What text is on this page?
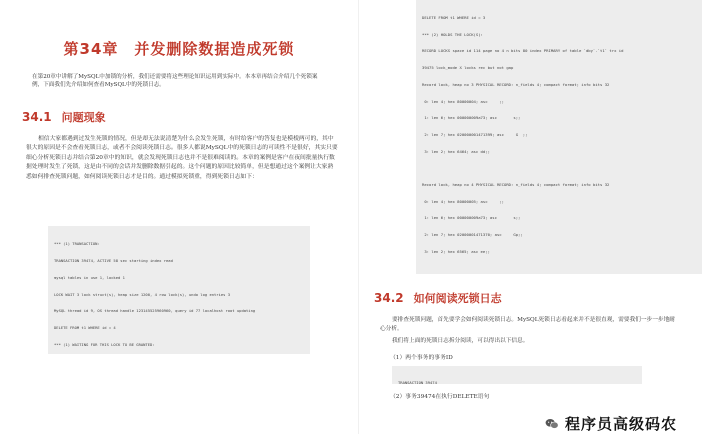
第34章　并发删除数据造成死锁
在第20章中讲解了MySQL中加锁的分析，我们还需要将这些理论知识运用到实际中。本本章再结合介绍几个死锁案例，下面我们先介绍如何查看MySQL中的死锁日志。
34.1 问题现象
相信大家都遇到过发生死锁的情况，但是却无法说清楚为什么会发生死锁，有时给客户的答复也是模棱两可的，其中很大的原因是不会查看死锁日志，或者不会阅读死锁日志。很多人都说MySQL中的死锁日志的可读性不是很好，其实只要细心分析死锁日志并结合第20章中的知识，就会发现死锁日志也并不是很难阅读的。本章的案例是客户在夜间批量执行数据处理时发生了死锁，这是由不同的会话并发删除数据引起的。这个问题的原因比较简单，但是想通过这个案例让大家熟悉如何排查死锁问题，如何阅读死锁日志才是目的。通过模拟死锁重，得到死锁日志如下：

*** (1) TRANSACTION:

TRANSACTION 39474, ACTIVE 58 sec starting index read

mysql tables in use 1, locked 1

LOCK WAIT 3 lock struct(s), heap size 1200, 4 row lock(s), undo log entries 3

MySQL thread id 9, OS thread handle 123145525960960, query id 77 localhost root updating

DELETE FROM t1 WHERE id = 4

*** (1) WAITING FOR THIS LOCK TO BE GRANTED:

DELETE FROM t1 WHERE id = 3

*** (2) HOLDS THE LOCK(S):

RECORD LOCKS space id 114 page no 4 n bits 80 index PRIMARY of table `dby`.`t1` trx id

39475 lock_mode X locks rec but not gap

Record lock, heap no 3 PHYSICAL RECORD: n_fields 4; compact format; info bits 32

0: len 4; hex 80000004; asc     ;;

1: len 6; hex 000000009a73; asc       s;;

2: len 7; hex 020000001471399; asc     G  ;;

3: len 2; hex 6464; asc dd;;

Record lock, heap no 4 PHYSICAL RECORD: n_fields 4; compact format; info bits 32

0: len 4; hex 80000005; asc     ;;

1: len 6; hex 000000009a73; asc       s;;

2: len 7; hex 02000001471370; asc     Gp;;

3: len 2; hex 6565; asc ee;;

34.2 如何阅读死锁日志
要排查死锁问题，首先要学会如何阅读死锁日志。MySQL死锁日志看起来并不是很直观，需要我们一步一步地耐心分析。
我们将上面的死锁日志拆分阅读，可以得出以下信息。
（1）两个事务的事务ID

TRANSACTION 39474

（2）事务39474在执行DELETE语句
程序员高级码农
